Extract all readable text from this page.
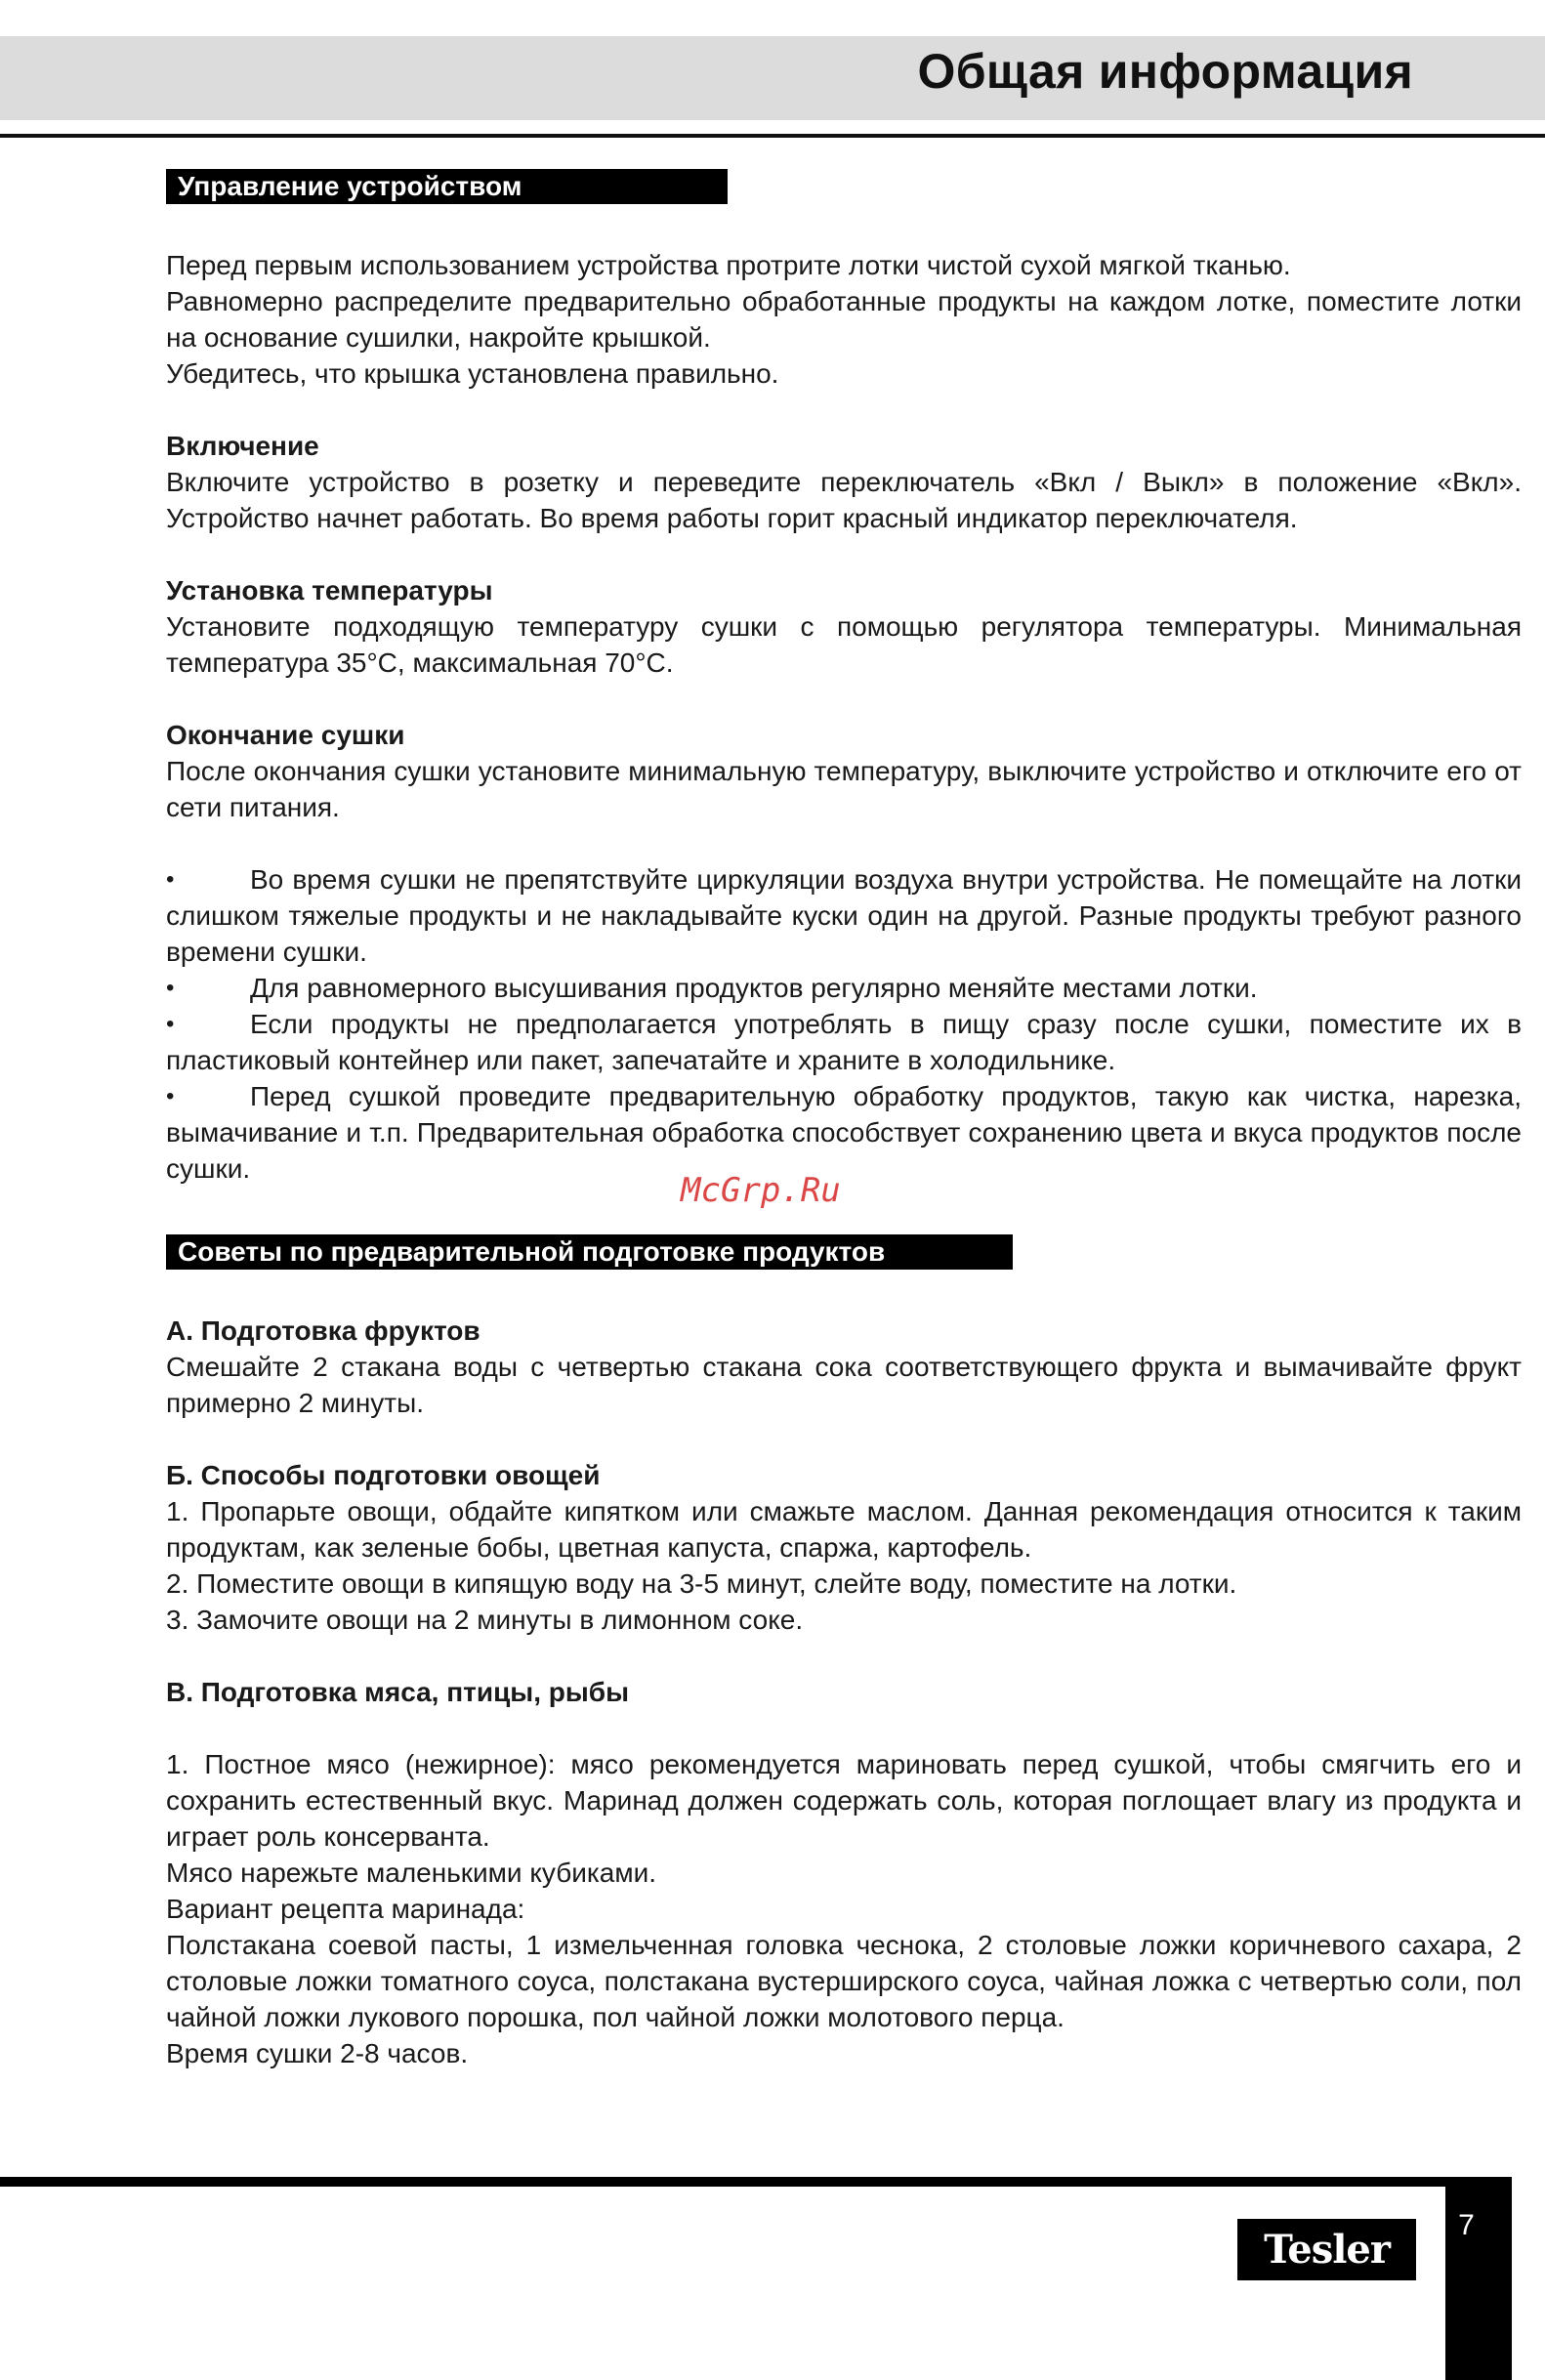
Общая информация
Управление устройством

Перед первым использованием устройства протрите лотки чистой сухой мягкой тканью.

Равномерно распределите предварительно обработанные продукты на каждом лотке, поместите лотки на основание сушилки, накройте крышкой.

Убедитесь, что крышка установлена правильно.

Включение

Включите устройство в розетку и переведите переключатель «Вкл / Выкл» в положение «Вкл». Устройство начнет работать. Во время работы горит красный индикатор переключателя.

Установка температуры

Установите подходящую температуру сушки с помощью регулятора температуры. Минимальная температура 35°С, максимальная 70°С.

Окончание сушки

После окончания сушки установите минимальную температуру, выключите устройство и отключите его от сети питания.

•	Во время сушки не препятствуйте циркуляции воздуха внутри устройства. Не помещайте на лотки слишком тяжелые продукты и не накладывайте куски один на другой. Разные продукты требуют разного времени сушки.
•	Для равномерного высушивания продуктов регулярно меняйте местами лотки.
•	Если продукты не предполагается употреблять в пищу сразу после сушки, поместите их в пластиковый контейнер или пакет, запечатайте и храните в холодильнике.
•	Перед сушкой проведите предварительную обработку продуктов, такую как чистка, нарезка, вымачивание и т.п. Предварительная обработка способствует сохранению цвета и вкуса продуктов после сушки.
Советы по предварительной подготовке продуктов

А. Подготовка фруктов

Смешайте 2 стакана воды с четвертью стакана сока соответствующего фрукта и вымачивайте фрукт примерно 2 минуты.

Б. Способы подготовки овощей

1. Пропарьте овощи, обдайте кипятком или смажьте маслом. Данная рекомендация относится к таким продуктам, как зеленые бобы, цветная капуста, спаржа, картофель.

2. Поместите овощи в кипящую воду на 3-5 минут, слейте воду, поместите на лотки.

3. Замочите овощи на 2 минуты в лимонном соке.

В. Подготовка мяса, птицы, рыбы

1. Постное мясо (нежирное): мясо рекомендуется мариновать перед сушкой, чтобы смягчить его и сохранить естественный вкус. Маринад должен содержать соль, которая поглощает влагу из продукта и играет роль консерванта.

Мясо нарежьте маленькими кубиками.

Вариант рецепта маринада:

Полстакана соевой пасты, 1 измельченная головка чеснока, 2 столовые ложки коричневого сахара, 2 столовые ложки томатного соуса, полстакана вустерширского соуса, чайная ложка с четвертью соли, пол чайной ложки лукового порошка, пол чайной ложки молотового перца.

Время сушки 2-8 часов.

McGrp.Ru
7
Tesler
